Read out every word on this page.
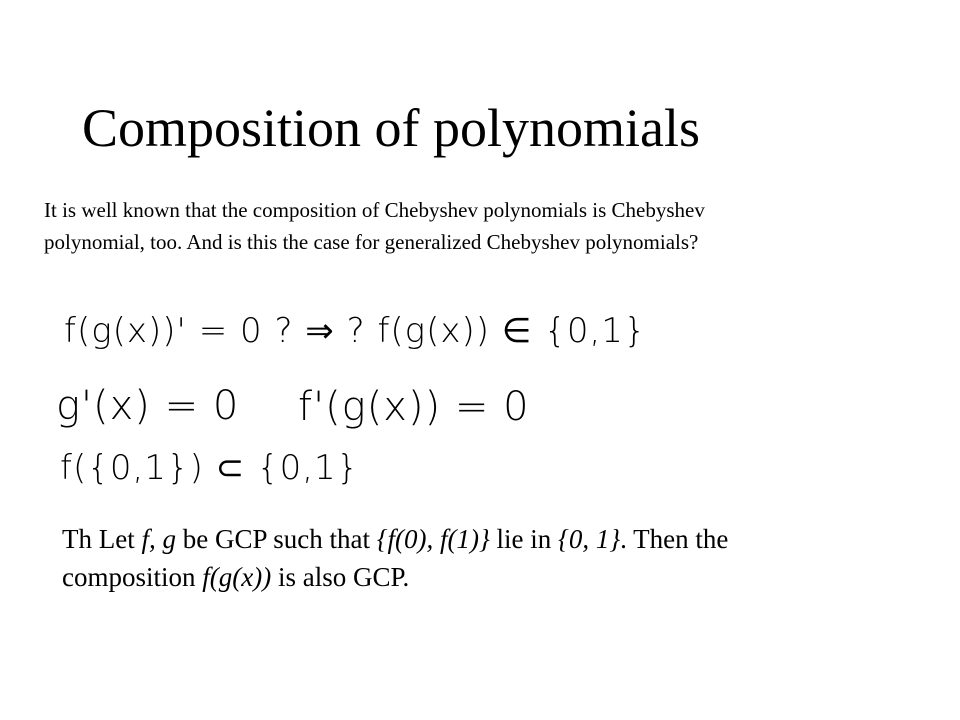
Composition of polynomials
It is well known that the composition of Chebyshev polynomials is Chebyshev
polynomial, too. And is this the case for generalized Chebyshev polynomials?
f(g(x))' = 0 ? ⇒ ? f(g(x)) ∈ {0,1}
g'(x) = 0 f'(g(x)) = 0
f({0,1}) ⊂ {0,1}
Th Let f, g be GCP such that {f(0), f(1)} lie in {0, 1}. Then the
composition f(g(x)) is also GCP.
